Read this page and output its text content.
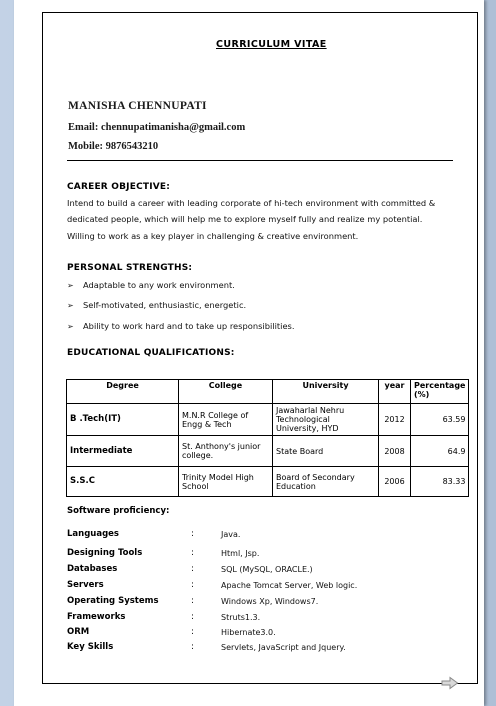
CURRICULUM VITAE
MANISHA CHENNUPATI
Email: chennupatimanisha@gmail.com
Mobile: 9876543210
CAREER OBJECTIVE:
Intend to build a career with leading corporate of hi-tech environment with committed &
dedicated people, which will help me to explore myself fully and realize my potential.
Willing to work as a key player in challenging & creative environment.
PERSONAL STRENGTHS:
➢ Adaptable to any work environment.
➢ Self-motivated, enthusiastic, energetic.
➢ Ability to work hard and to take up responsibilities.
EDUCATIONAL QUALIFICATIONS:
Degree	College	University	year	Percentage (%)
B .Tech(IT)	M.N.R College of Engg & Tech	Jawaharlal Nehru Technological University, HYD	2012	63.59
Intermediate	St. Anthony's junior college.	State Board	2008	64.9
S.S.C	Trinity Model High School	Board of Secondary Education	2006	83.33
Software proficiency:
Languages	:	Java.
Designing Tools	:	Html, Jsp.
Databases	:	SQL (MySQL, ORACLE.)
Servers	:	Apache Tomcat Server, Web logic.
Operating Systems	:	Windows Xp, Windows7.
Frameworks	:	Struts1.3.
ORM	:	Hibernate3.0.
Key Skills	:	Servlets, JavaScript and Jquery.
